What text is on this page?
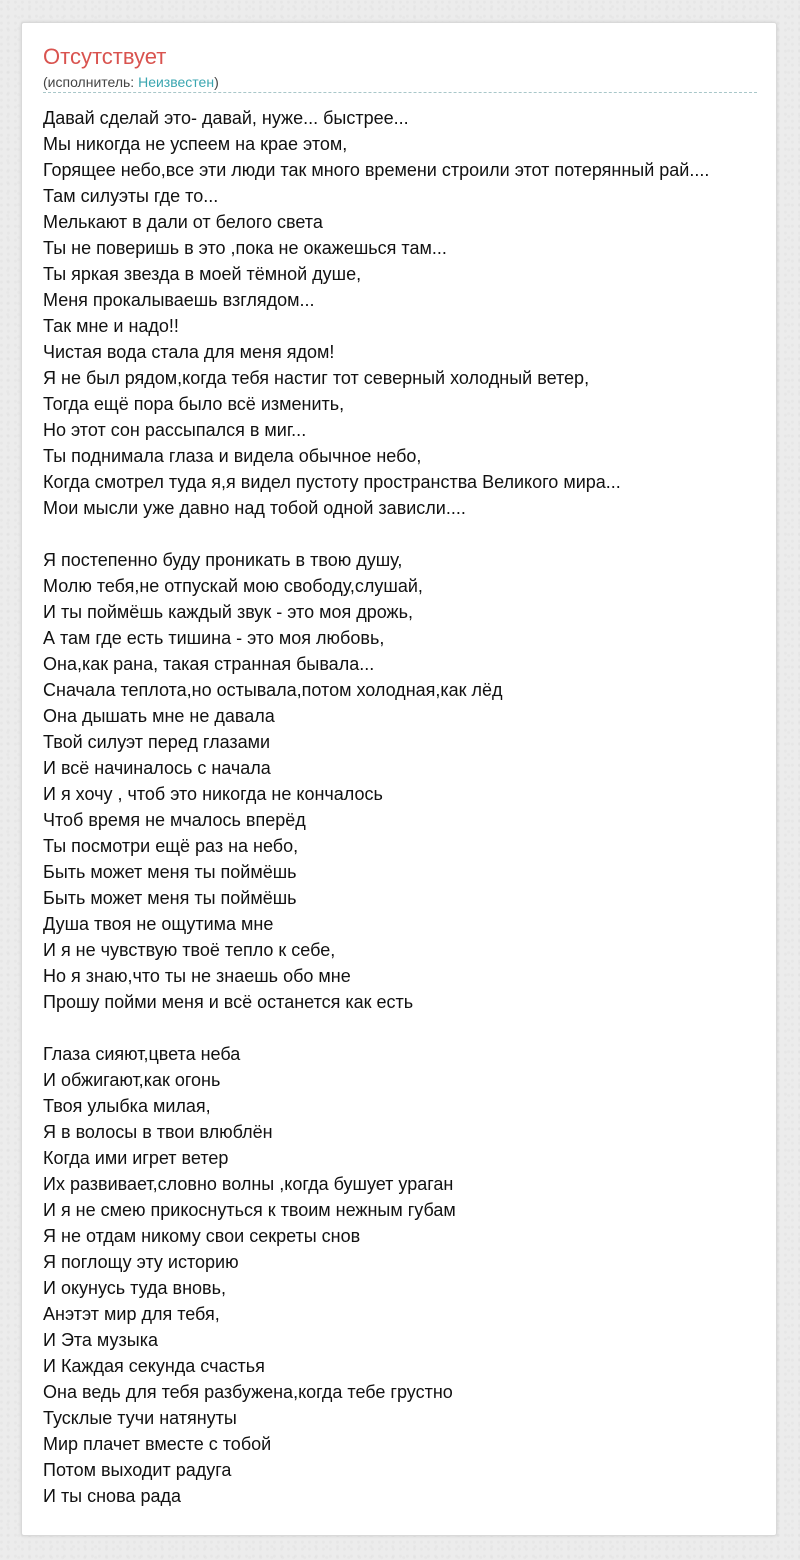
Отсутствует
(исполнитель: Неизвестен)
Давай сделай это- давай, нуже... быстрее...
Мы никогда не успеем на крае этом,
Горящее небо,все эти люди так много времени строили этот потерянный рай....
Там силуэты где то...
Мелькают в дали от белого света
Ты не поверишь в это ,пока не окажешься там...
Ты яркая звезда в моей тёмной душе,
Меня прокалываешь взглядом...
Так мне и надо!!
Чистая вода стала для меня ядом!
Я не был рядом,когда тебя настиг тот северный холодный ветер,
Тогда ещё пора было всё изменить,
Но этот сон рассыпался в миг...
Ты поднимала глаза и видела обычное небо,
Когда смотрел туда я,я видел пустоту пространства Великого мира...
Мои мысли уже давно над тобой одной зависли....
Я постепенно буду проникать в твою душу,
Молю тебя,не отпускай мою свободу,слушай,
И ты поймёшь каждый звук - это моя дрожь,
А там где есть тишина - это моя любовь,
Она,как рана, такая странная бывала...
Сначала теплота,но остывала,потом холодная,как лёд
Она дышать мне не давала
Твой силуэт перед глазами
И всё начиналось с начала
И я хочу , чтоб это никогда не кончалось
Чтоб время не мчалось вперёд
Ты посмотри ещё раз на небо,
Быть может меня ты поймёшь
Быть может меня ты поймёшь
Душа твоя не ощутима мне
И я не чувствую твоё тепло к себе,
Но я знаю,что ты не знаешь обо мне
Прошу пойми меня и всё останется как есть
Глаза сияют,цвета неба
И обжигают,как огонь
Твоя улыбка милая,
Я в волосы в твои влюблён
Когда ими игрет ветер
Их развивает,словно волны ,когда бушует ураган
И я не смею прикоснуться к твоим нежным губам
Я не отдам никому свои секреты снов
Я поглощу эту историю
И окунусь туда вновь,
Анэтэт мир для тебя,
И Эта музыка
И Каждая секунда счастья
Она ведь для тебя разбужена,когда тебе грустно
Тусклые тучи натянуты
Мир плачет вместе с тобой
Потом выходит радуга
И ты снова рада
